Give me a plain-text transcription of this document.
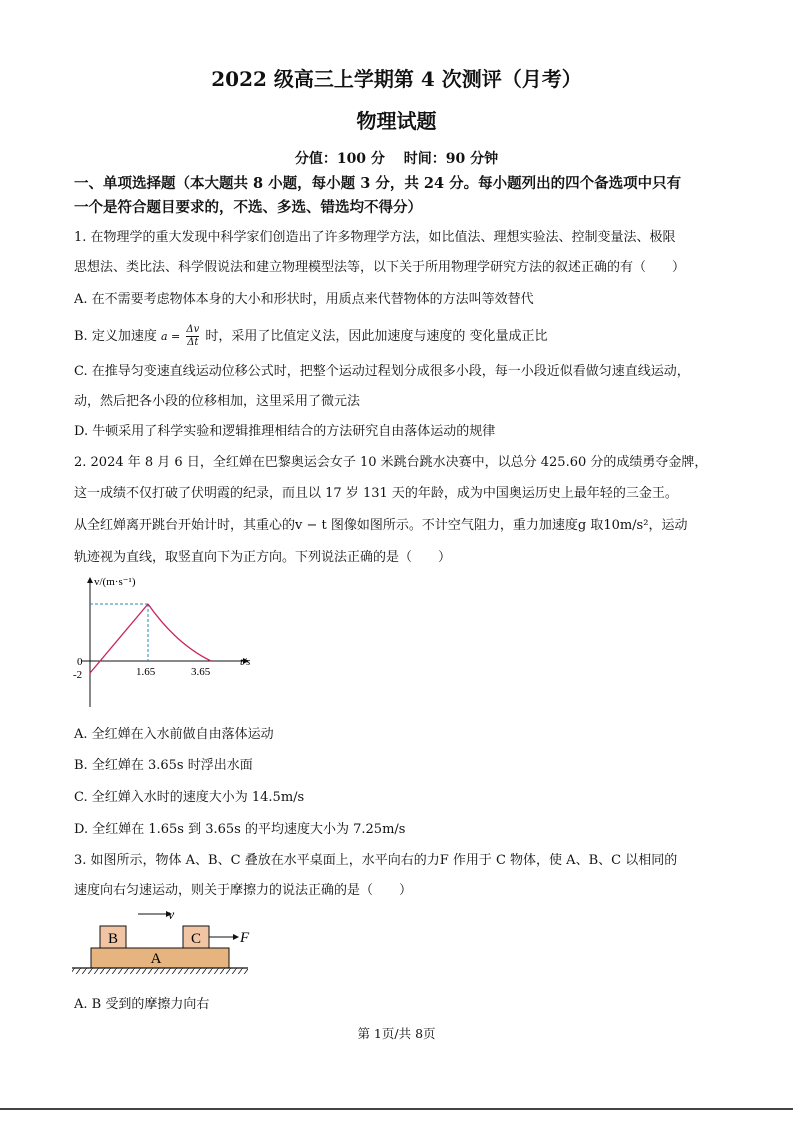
2022 级高三上学期第 4 次测评（月考）
物理试题
分值：100 分　 时间：90 分钟
一、单项选择题（本大题共 8 小题，每小题 3 分，共 24 分。每小题列出的四个备选项中只有
一个是符合题目要求的，不选、多选、错选均不得分）
1. 在物理学的重大发现中科学家们创造出了许多物理学方法，如比值法、理想实验法、控制变量法、极限
思想法、类比法、科学假说法和建立物理模型法等，以下关于所用物理学研究方法的叙述正确的有（　　）
A. 在不需要考虑物体本身的大小和形状时，用质点来代替物体的方法叫等效替代
B. 定义加速度 $a = \frac{\Delta v}{\Delta t}$ 时，采用了比值定义法，因此加速度与速度的 变化量成正比
C. 在推导匀变速直线运动位移公式时，把整个运动过程划分成很多小段，每一小段近似看做匀速直线运动，
动，然后把各小段的位移相加，这里采用了微元法
D. 牛顿采用了科学实验和逻辑推理相结合的方法研究自由落体运动的规律
2. 2024 年 8 月 6 日，全红婵在巴黎奥运会女子 10 米跳台跳水决赛中，以总分 425.60 分的成绩勇夺金牌，
这一成绩不仅打破了伏明霞的纪录，而且以 17 岁 131 天的年龄，成为中国奥运历史上最年轻的三金王。
从全红婵离开跳台开始计时，其重心的v − t 图像如图所示。不计空气阻力，重力加速度g 取10m/s²，运动
轨迹视为直线，取竖直向下为正方向。下列说法正确的是（　　）
v/(m·s⁻¹)
t/s
0
-2	1.65	3.65
A. 全红婵在入水前做自由落体运动
B. 全红婵在 3.65s 时浮出水面
C. 全红婵入水时的速度大小为 14.5m/s
D. 全红婵在 1.65s 到 3.65s 的平均速度大小为 7.25m/s
3. 如图所示，物体 A、B、C 叠放在水平桌面上，水平向右的力F 作用于 C 物体，使 A、B、C 以相同的
速度向右匀速运动，则关于摩擦力的说法正确的是（　　）
v
B	C	F
A
A. B 受到的摩擦力向右
第 1页/共 8页
